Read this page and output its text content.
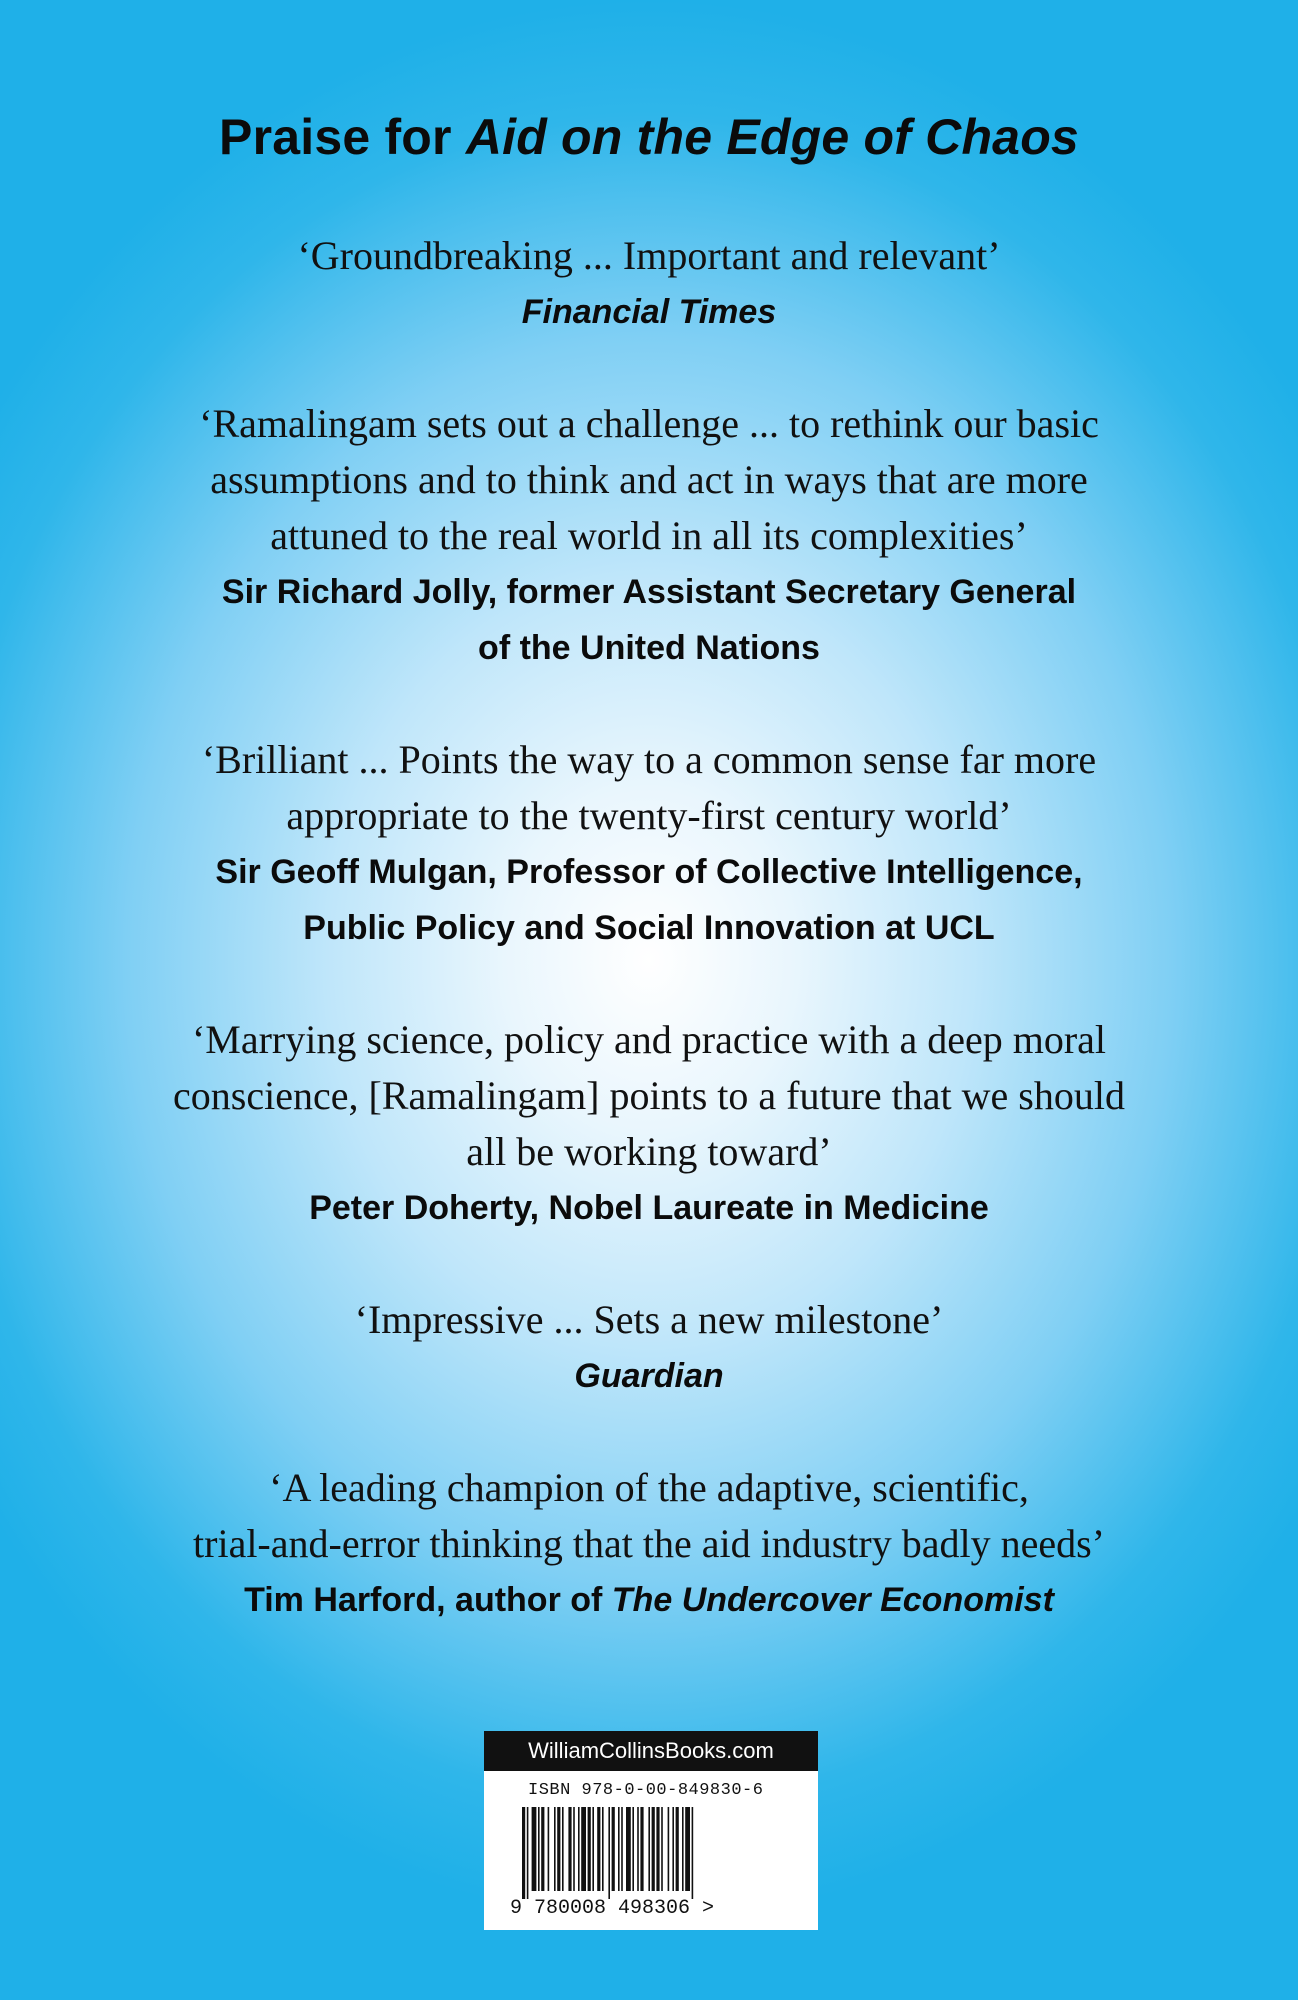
Praise for Aid on the Edge of Chaos

‘Groundbreaking ... Important and relevant’

Financial Times

‘Ramalingam sets out a challenge ... to rethink our basic

assumptions and to think and act in ways that are more

attuned to the real world in all its complexities’

Sir Richard Jolly, former Assistant Secretary General

of the United Nations

‘Brilliant ... Points the way to a common sense far more

appropriate to the twenty-first century world’

Sir Geoff Mulgan, Professor of Collective Intelligence,

Public Policy and Social Innovation at UCL

‘Marrying science, policy and practice with a deep moral

conscience, [Ramalingam] points to a future that we should

all be working toward’

Peter Doherty, Nobel Laureate in Medicine

‘Impressive ... Sets a new milestone’

Guardian

‘A leading champion of the adaptive, scientific,

trial-and-error thinking that the aid industry badly needs’

Tim Harford, author of The Undercover Economist

WilliamCollinsBooks.com
ISBN 978-0-00-849830-6
9 780008 498306 >
